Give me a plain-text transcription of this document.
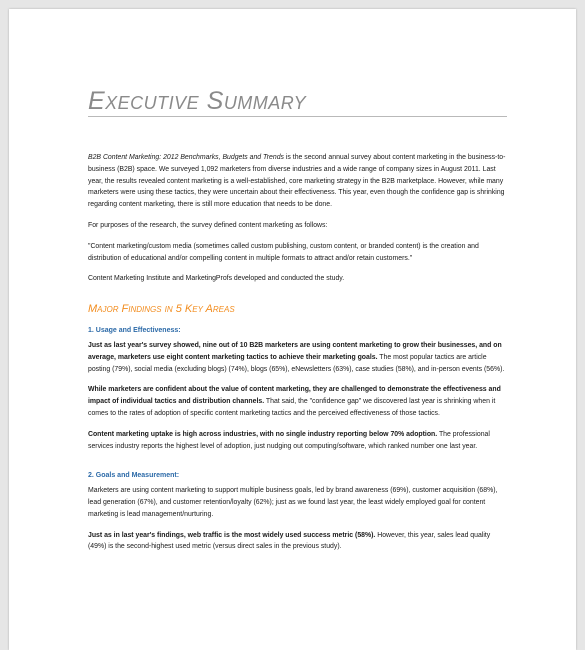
Executive Summary

B2B Content Marketing: 2012 Benchmarks, Budgets and Trends is the second annual survey about content marketing in the business-to-business (B2B) space. We surveyed 1,092 marketers from diverse industries and a wide range of company sizes in August 2011. Last year, the results revealed content marketing is a well-established, core marketing strategy in the B2B marketplace. However, while many marketers were using these tactics, they were uncertain about their effectiveness. This year, even though the confidence gap is shrinking regarding content marketing, there is still more education that needs to be done.

For purposes of the research, the survey defined content marketing as follows:

"Content marketing/custom media (sometimes called custom publishing, custom content, or branded content) is the creation and distribution of educational and/or compelling content in multiple formats to attract and/or retain customers."

Content Marketing Institute and MarketingProfs developed and conducted the study.

Major Findings in 5 Key Areas
1. Usage and Effectiveness:

Just as last year's survey showed, nine out of 10 B2B marketers are using content marketing to grow their businesses, and on average, marketers use eight content marketing tactics to achieve their marketing goals. The most popular tactics are article posting (79%), social media (excluding blogs) (74%), blogs (65%), eNewsletters (63%), case studies (58%), and in-person events (56%).

While marketers are confident about the value of content marketing, they are challenged to demonstrate the effectiveness and impact of individual tactics and distribution channels. That said, the "confidence gap" we discovered last year is shrinking when it comes to the rates of adoption of specific content marketing tactics and the perceived effectiveness of those tactics.

Content marketing uptake is high across industries, with no single industry reporting below 70% adoption. The professional services industry reports the highest level of adoption, just nudging out computing/software, which ranked number one last year.

2. Goals and Measurement:

Marketers are using content marketing to support multiple business goals, led by brand awareness (69%), customer acquisition (68%), lead generation (67%), and customer retention/loyalty (62%); just as we found last year, the least widely employed goal for content marketing is lead management/nurturing.

Just as in last year's findings, web traffic is the most widely used success metric (58%). However, this year, sales lead quality (49%) is the second-highest used metric (versus direct sales in the previous study).
